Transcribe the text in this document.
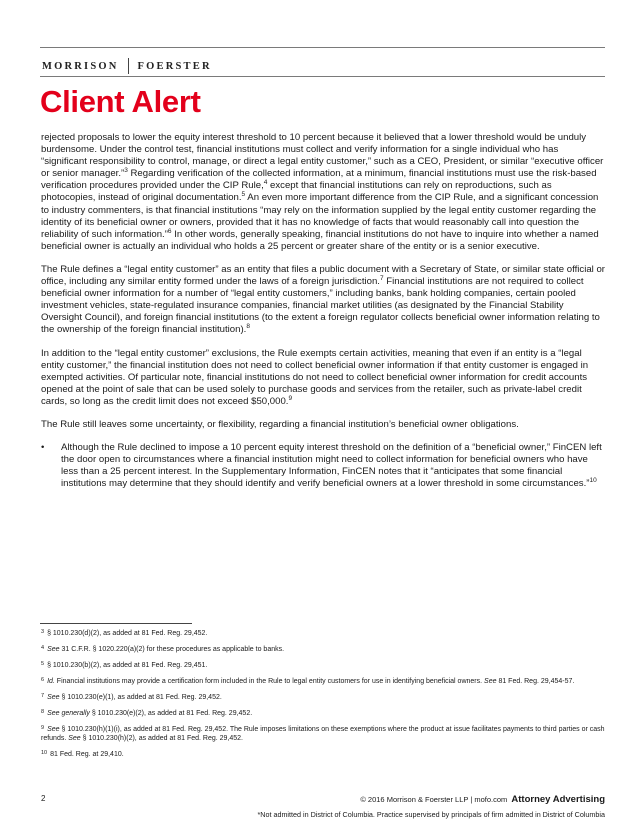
MORRISON FOERSTER
Client Alert

rejected proposals to lower the equity interest threshold to 10 percent because it believed that a lower threshold would be unduly burdensome. Under the control test, financial institutions must collect and verify information for a single individual who has “significant responsibility to control, manage, or direct a legal entity customer,” such as a CEO, President, or similar “executive officer or senior manager.”$^3$ Regarding verification of the collected information, at a minimum, financial institutions must use the risk-based verification procedures provided under the CIP Rule,$^4$ except that financial institutions can rely on reproductions, such as photocopies, instead of original documentation.$^5$ An even more important difference from the CIP Rule, and a significant concession to industry commenters, is that financial institutions “may rely on the information supplied by the legal entity customer regarding the identity of its beneficial owner or owners, provided that it has no knowledge of facts that would reasonably call into question the reliability of such information.”$^6$ In other words, generally speaking, financial institutions do not have to inquire into whether a named beneficial owner is actually an individual who holds a 25 percent or greater share of the entity or is a senior executive.

The Rule defines a “legal entity customer” as an entity that files a public document with a Secretary of State, or similar state official or office, including any similar entity formed under the laws of a foreign jurisdiction.$^7$ Financial institutions are not required to collect beneficial owner information for a number of “legal entity customers,” including banks, bank holding companies, certain pooled investment vehicles, state-regulated insurance companies, financial market utilities (as designated by the Financial Stability Oversight Council), and foreign financial institutions (to the extent a foreign regulator collects beneficial owner information relating to the ownership of the foreign financial institution).$^8$

In addition to the “legal entity customer” exclusions, the Rule exempts certain activities, meaning that even if an entity is a “legal entity customer,” the financial institution does not need to collect beneficial owner information if that entity customer is engaged in exempted activities. Of particular note, financial institutions do not need to collect beneficial owner information for credit accounts opened at the point of sale that can be used solely to purchase goods and services from the retailer, such as private-label credit cards, so long as the credit limit does not exceed $50,000.$^9$

The Rule still leaves some uncertainty, or flexibility, regarding a financial institution’s beneficial owner obligations.

•	Although the Rule declined to impose a 10 percent equity interest threshold on the definition of a “beneficial owner,” FinCEN left the door open to circumstances where a financial institution might need to collect information for beneficial owners who have less than a 25 percent interest. In the Supplementary Information, FinCEN notes that it “anticipates that some financial institutions may determine that they should identify and verify beneficial owners at a lower threshold in some circumstances.”$^{10}$
$^3$ § 1010.230(d)(2), as added at 81 Fed. Reg. 29,452.
$^4$ See 31 C.F.R. § 1020.220(a)(2) for these procedures as applicable to banks.
$^5$ § 1010.230(b)(2), as added at 81 Fed. Reg. 29,451.
$^6$ Id. Financial institutions may provide a certification form included in the Rule to legal entity customers for use in identifying beneficial owners. See 81 Fed. Reg. 29,454-57.
$^7$ See § 1010.230(e)(1), as added at 81 Fed. Reg. 29,452.
$^8$ See generally § 1010.230(e)(2), as added at 81 Fed. Reg. 29,452.
$^9$ See § 1010.230(h)(1)(i), as added at 81 Fed. Reg. 29,452. The Rule imposes limitations on these exemptions where the product at issue facilitates payments to third parties or cash refunds. See § 1010.230(h)(2), as added at 81 Fed. Reg. 29,452.
$^{10}$ 81 Fed. Reg. at 29,410.
2	© 2016 Morrison & Foerster LLP | mofo.com Attorney Advertising
*Not admitted in District of Columbia. Practice supervised by principals of firm admitted in District of Columbia
